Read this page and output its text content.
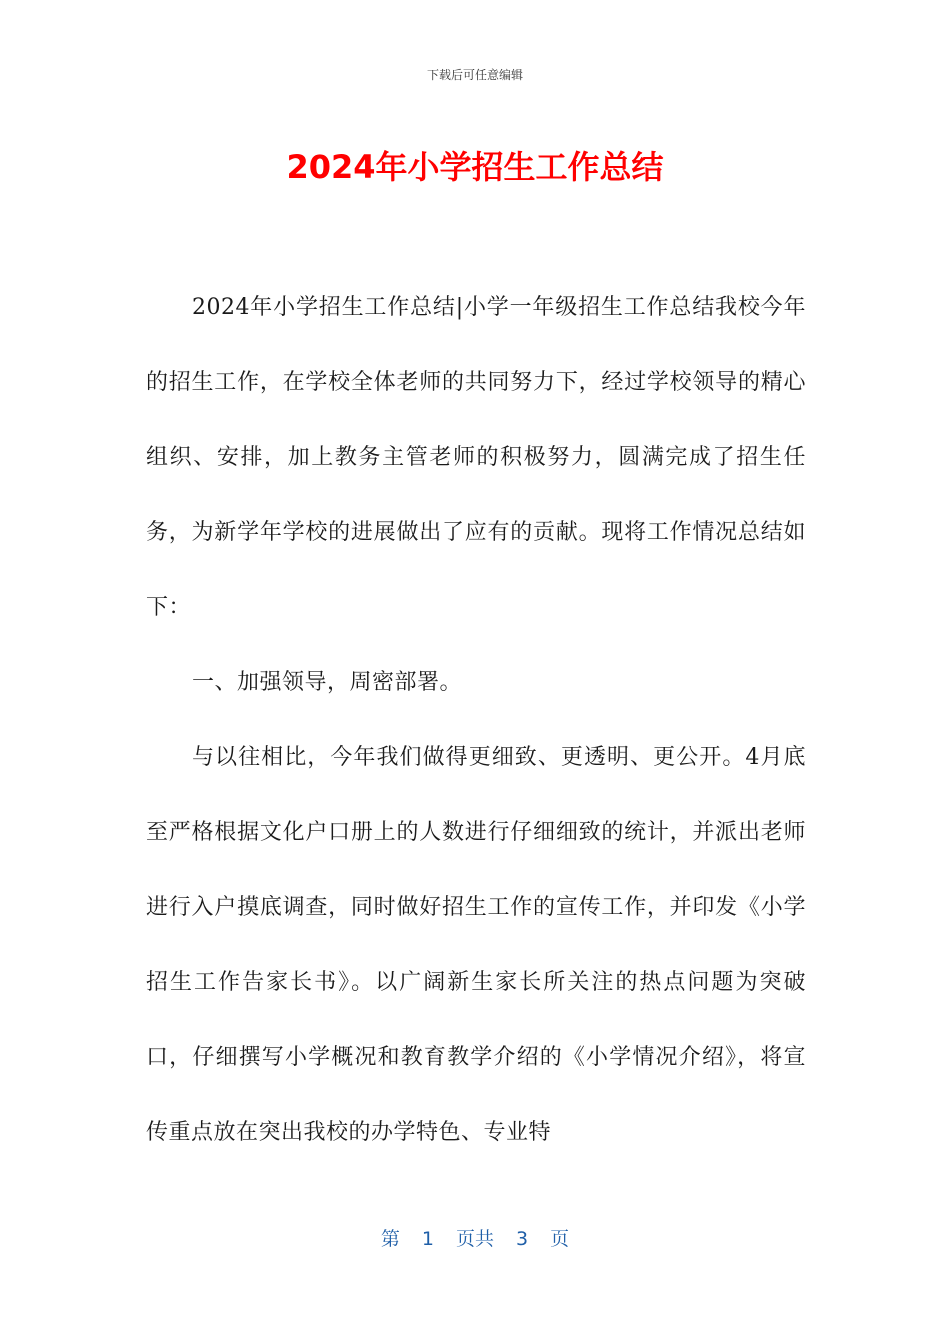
下载后可任意编辑
2024年小学招生工作总结

2024年小学招生工作总结|小学一年级招生工作总结我校今年的招生工作，在学校全体老师的共同努力下，经过学校领导的精心组织、安排，加上教务主管老师的积极努力，圆满完成了招生任务，为新学年学校的进展做出了应有的贡献。现将工作情况总结如下：

一、加强领导，周密部署。

与以往相比，今年我们做得更细致、更透明、更公开。4月底至严格根据文化户口册上的人数进行仔细细致的统计，并派出老师进行入户摸底调查，同时做好招生工作的宣传工作，并印发《小学招生工作告家长书》。以广阔新生家长所关注的热点问题为突破口，仔细撰写小学概况和教育教学介绍的《小学情况介绍》，将宣传重点放在突出我校的办学特色、专业特

第 1 页共 3 页
